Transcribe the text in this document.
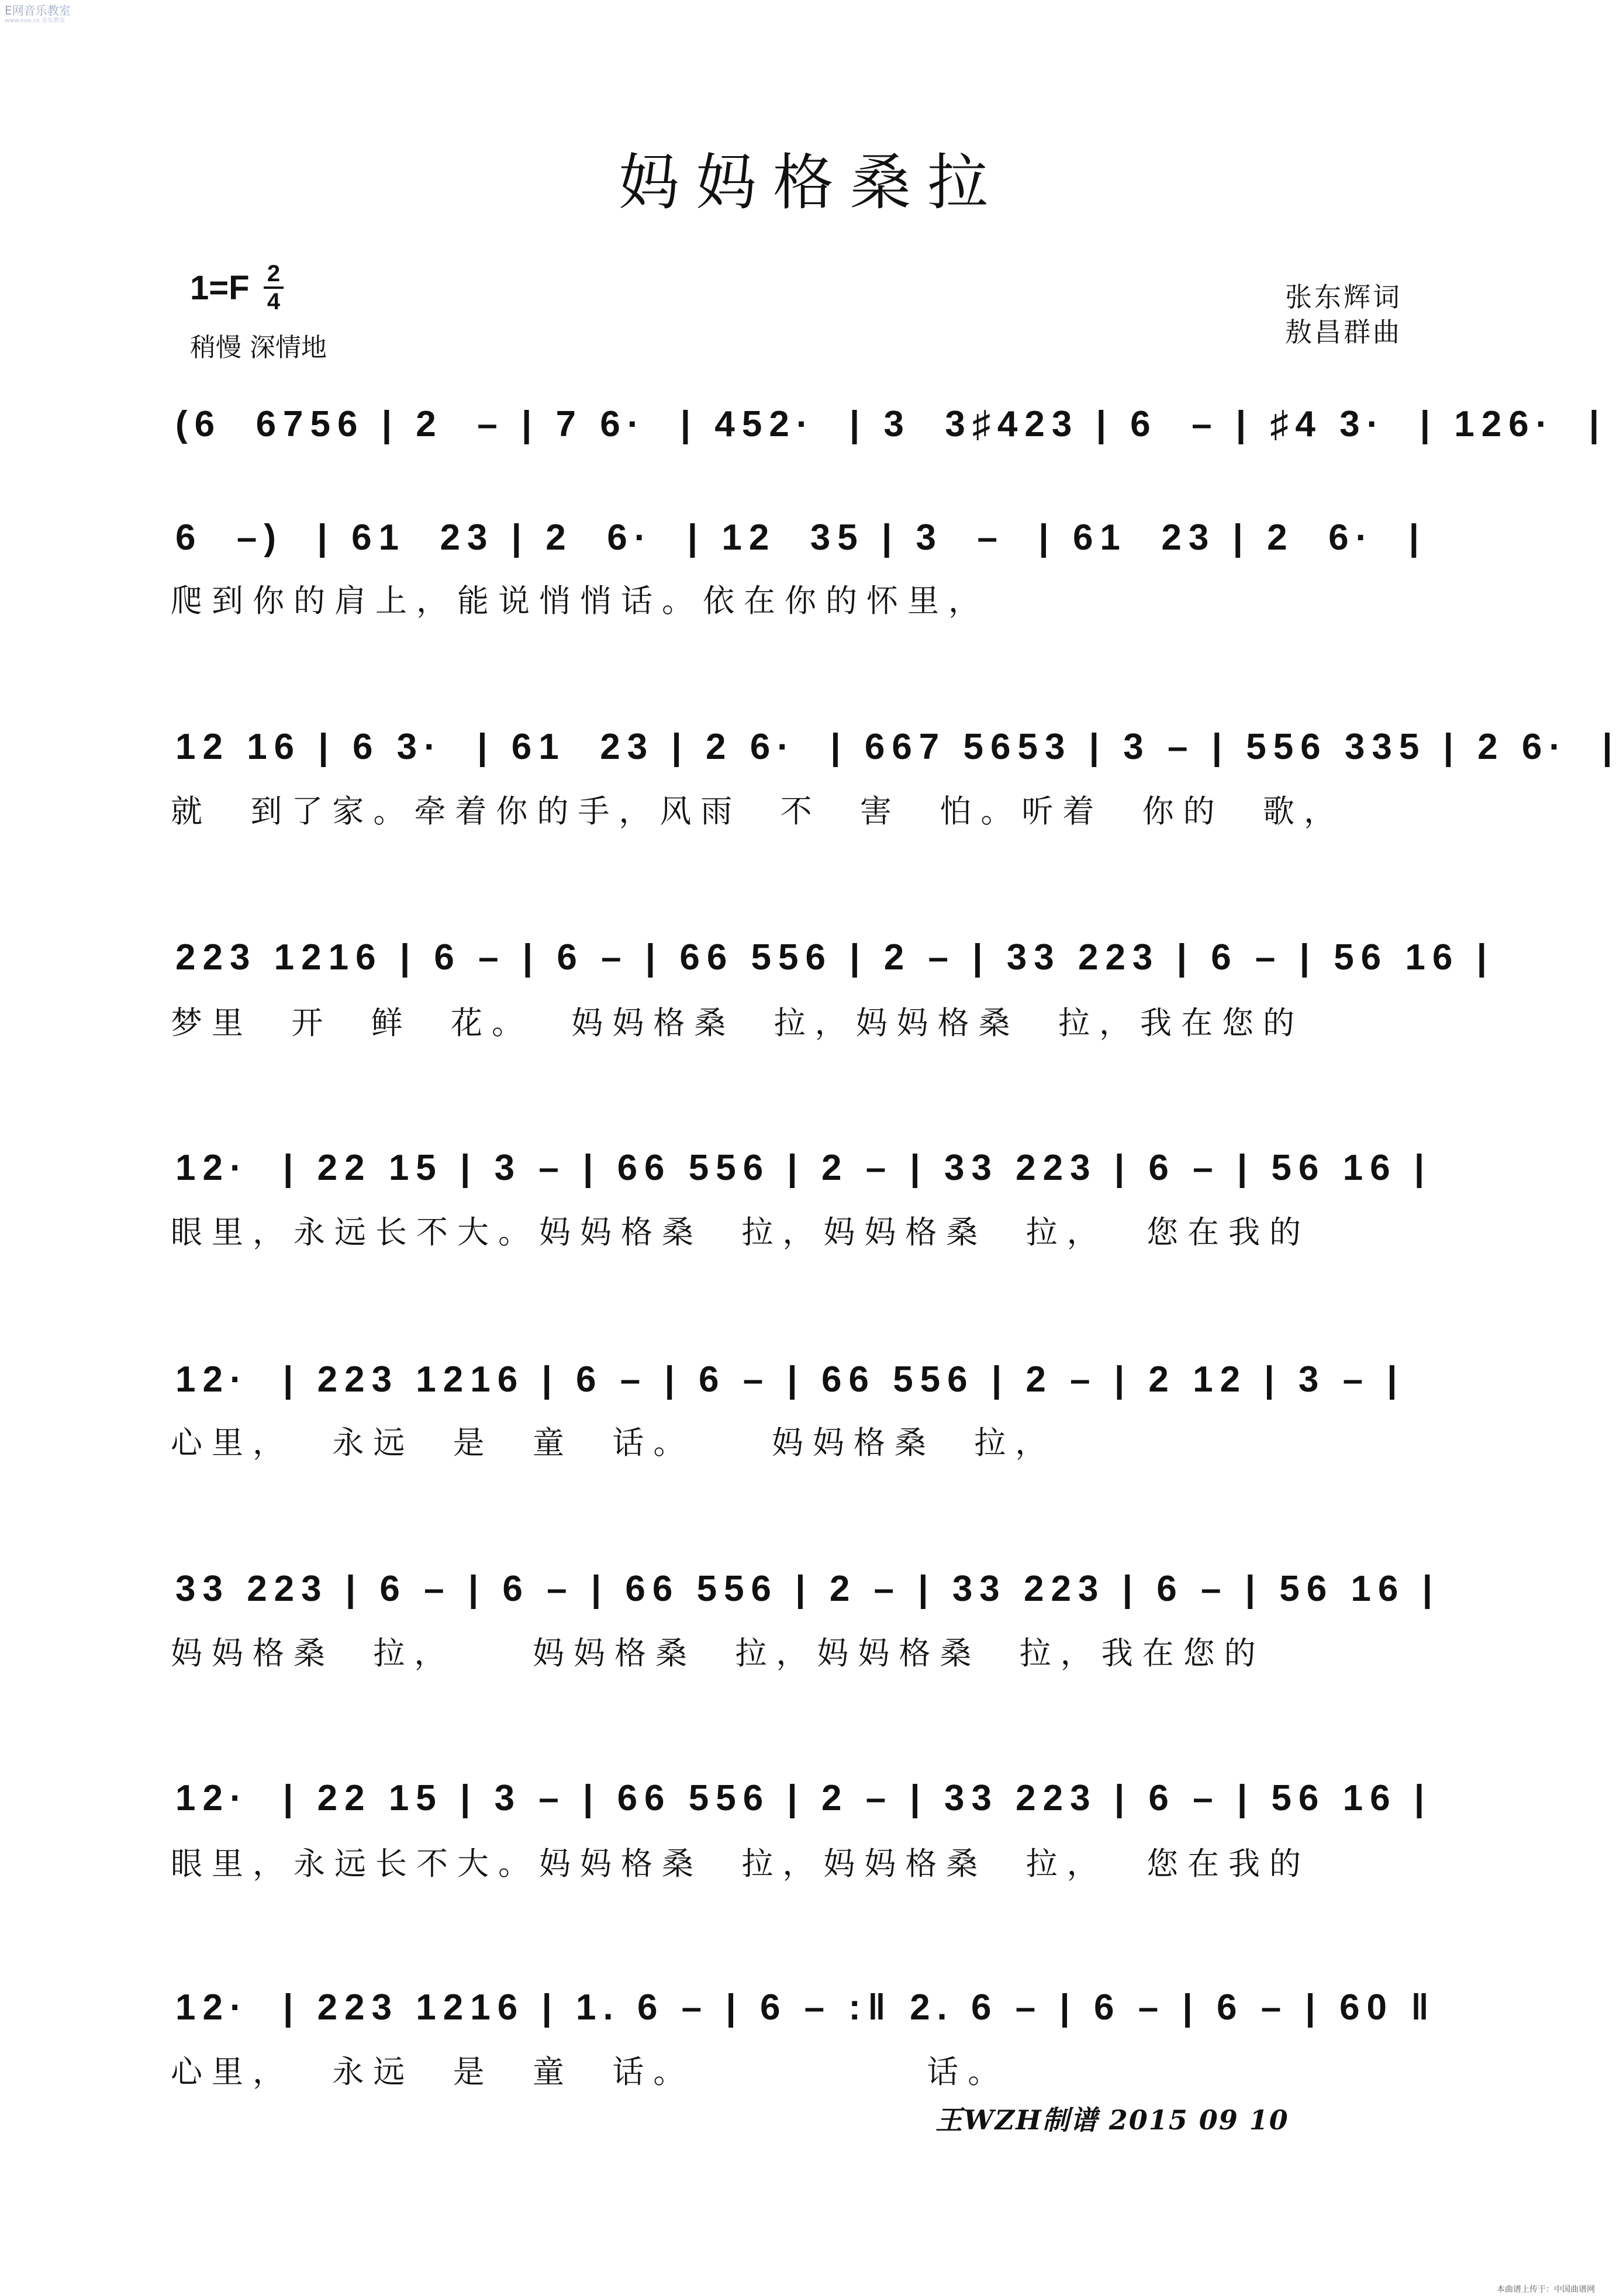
E网音乐教室
www.eoo.cn 音乐教室
妈妈格桑拉
$1=F \frac{2}{4}$
稍慢 深情地
张东辉词
敖昌群曲
(6  6756 | 2  – | 7 6·  | 452·  | 3  3♯423 | 6  – | ♯4 3·  | 126·  |
6  –)  | 61  23 | 2  6·  | 12  35 | 3  –  | 61  23 | 2  6·  |
爬到你的肩上，能说悄悄话。依在你的怀里，
12 16 | 6 3·  | 61  23 | 2 6·  | 667 5653 | 3 – | 556 335 | 2 6·  |
就  到了家。牵着你的手，风雨  不  害  怕。听着  你的  歌，
223 1216 | 6 – | 6 – | 66 556 | 2 – | 33 223 | 6 – | 56 16 |
梦里  开  鲜  花。  妈妈格桑  拉，妈妈格桑  拉，我在您的
12·  | 22 15 | 3 – | 66 556 | 2 – | 33 223 | 6 – | 56 16 |
眼里，永远长不大。妈妈格桑  拉，妈妈格桑  拉，  您在我的
12·  | 223 1216 | 6 – | 6 – | 66 556 | 2 – | 2 12 | 3 – |
心里，  永远  是  童  话。    妈妈格桑  拉，
33 223 | 6 – | 6 – | 66 556 | 2 – | 33 223 | 6 – | 56 16 |
妈妈格桑  拉，    妈妈格桑  拉，妈妈格桑  拉，我在您的
12·  | 22 15 | 3 – | 66 556 | 2 – | 33 223 | 6 – | 56 16 |
眼里，永远长不大。妈妈格桑  拉，妈妈格桑  拉，  您在我的
12·  | 223 1216 | 1. 6 – | 6 – :‖ 2. 6 – | 6 – | 6 – | 60 ‖
心里，  永远  是  童  话。            话。
王WZH制谱 2015 09 10
本曲谱上传于：中国曲谱网
